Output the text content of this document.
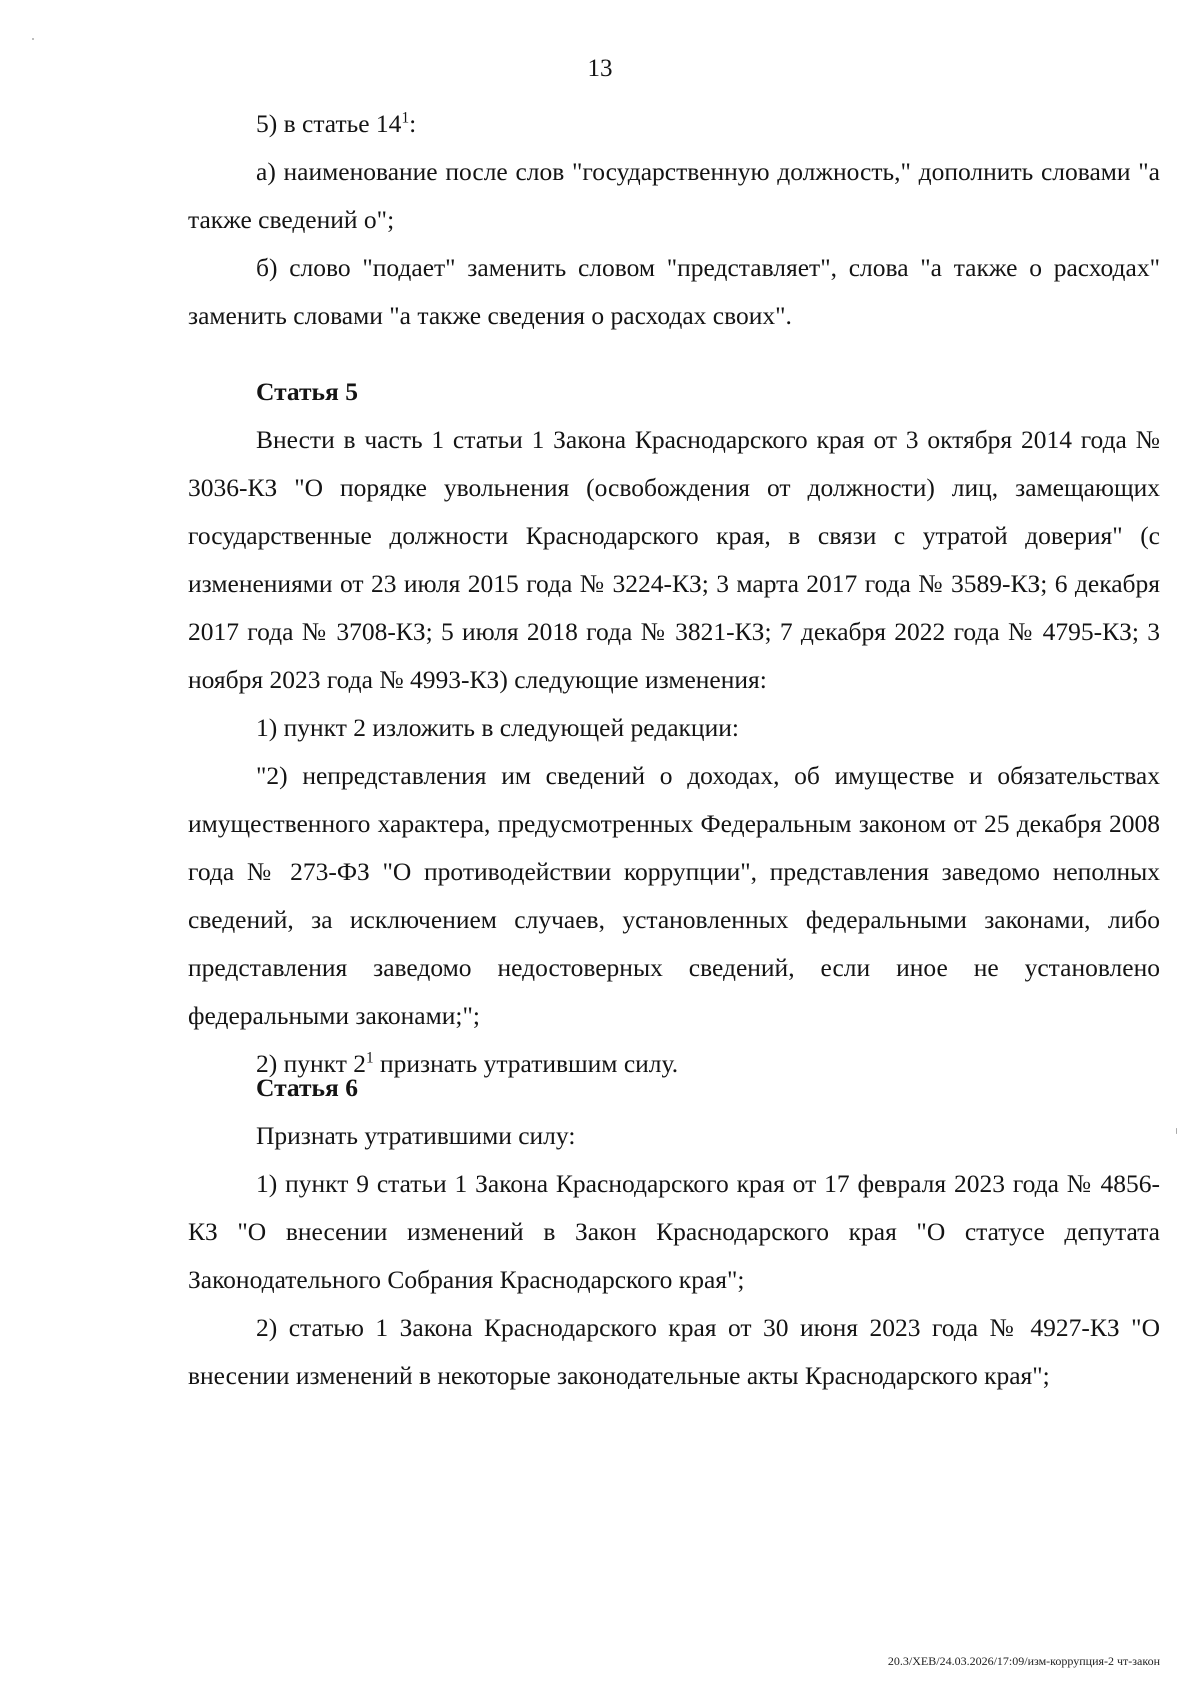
13

5) в статье $14^1$:

а) наименование после слов "государственную должность," дополнить словами "а также сведений о";

б) слово "подает" заменить словом "представляет", слова "а также о расходах" заменить словами "а также сведения о расходах своих".

Статья 5

Внести в часть 1 статьи 1 Закона Краснодарского края от 3 октября 2014 года № 3036-КЗ "О порядке увольнения (освобождения от должности) лиц, замещающих государственные должности Краснодарского края, в связи с утратой доверия" (с изменениями от 23 июля 2015 года № 3224-КЗ; 3 марта 2017 года № 3589-КЗ; 6 декабря 2017 года № 3708-КЗ; 5 июля 2018 года № 3821-КЗ; 7 декабря 2022 года № 4795-КЗ; 3 ноября 2023 года № 4993-КЗ) следующие изменения:

1) пункт 2 изложить в следующей редакции:

"2) непредставления им сведений о доходах, об имуществе и обязательствах имущественного характера, предусмотренных Федеральным законом от 25 декабря 2008 года № 273-ФЗ "О противодействии коррупции", представления заведомо неполных сведений, за исключением случаев, установленных федеральными законами, либо представления заведомо недостоверных сведений, если иное не установлено федеральными законами;";

2) пункт $2^1$ признать утратившим силу.

Статья 6

Признать утратившими силу:

1) пункт 9 статьи 1 Закона Краснодарского края от 17 февраля 2023 года № 4856-КЗ "О внесении изменений в Закон Краснодарского края "О статусе депутата Законодательного Собрания Краснодарского края";

2) статью 1 Закона Краснодарского края от 30 июня 2023 года № 4927-КЗ "О внесении изменений в некоторые законодательные акты Краснодарского края";

20.3/ХЕВ/24.03.2026/17:09/изм-коррупция-2 чт-закон
